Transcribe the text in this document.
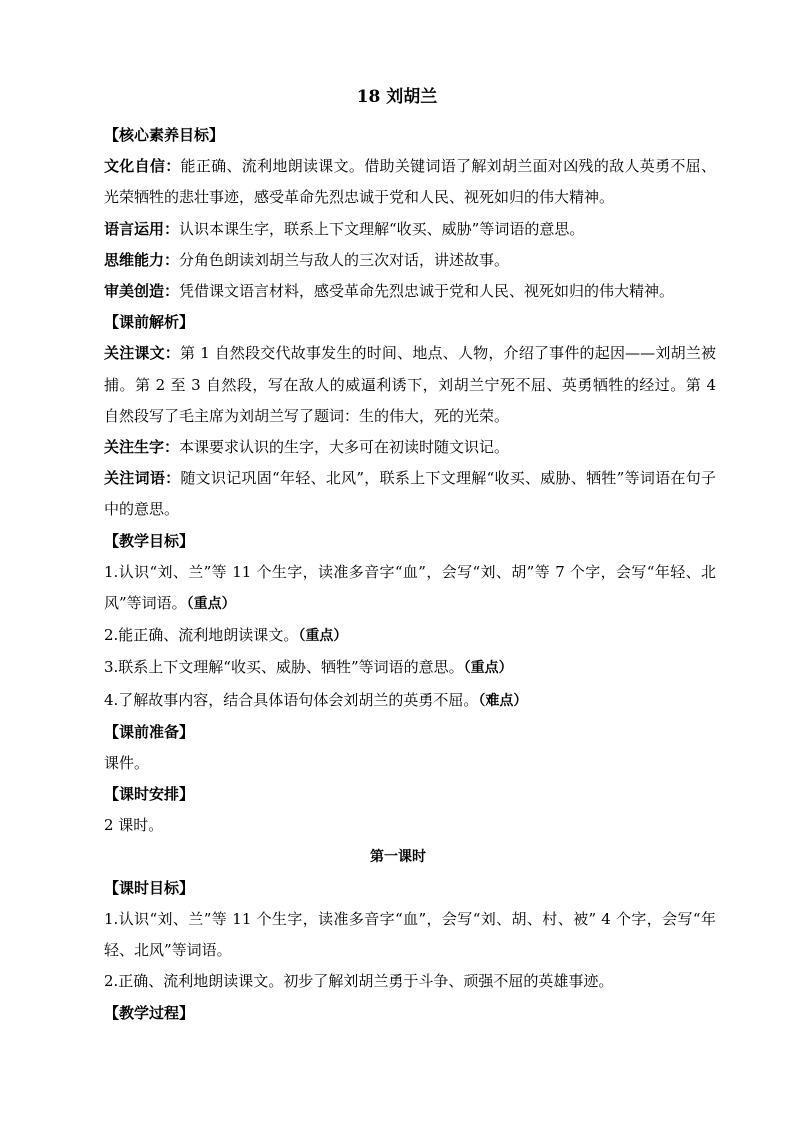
18 刘胡兰

【核心素养目标】

文化自信：能正确、流利地朗读课文。借助关键词语了解刘胡兰面对凶残的敌人英勇不屈、光荣牺牲的悲壮事迹，感受革命先烈忠诚于党和人民、视死如归的伟大精神。

语言运用：认识本课生字，联系上下文理解“收买、威胁”等词语的意思。

思维能力：分角色朗读刘胡兰与敌人的三次对话，讲述故事。

审美创造：凭借课文语言材料，感受革命先烈忠诚于党和人民、视死如归的伟大精神。

【课前解析】

关注课文：第 1 自然段交代故事发生的时间、地点、人物，介绍了事件的起因——刘胡兰被捕。第 2 至 3 自然段，写在敌人的威逼利诱下，刘胡兰宁死不屈、英勇牺牲的经过。第 4 自然段写了毛主席为刘胡兰写了题词：生的伟大，死的光荣。

关注生字：本课要求认识的生字，大多可在初读时随文识记。

关注词语：随文识记巩固“年轻、北风”，联系上下文理解“收买、威胁、牺牲”等词语在句子中的意思。

【教学目标】

1.认识“刘、兰”等 11 个生字，读准多音字“血”，会写“刘、胡”等 7 个字，会写“年轻、北风”等词语。（重点）

2.能正确、流利地朗读课文。（重点）

3.联系上下文理解“收买、威胁、牺牲”等词语的意思。（重点）

4.了解故事内容，结合具体语句体会刘胡兰的英勇不屈。（难点）

【课前准备】

课件。

【课时安排】

2 课时。

第一课时

【课时目标】

1.认识“刘、兰”等 11 个生字，读准多音字“血”，会写“刘、胡、村、被” 4 个字，会写“年轻、北风”等词语。

2.正确、流利地朗读课文。初步了解刘胡兰勇于斗争、顽强不屈的英雄事迹。

【教学过程】
